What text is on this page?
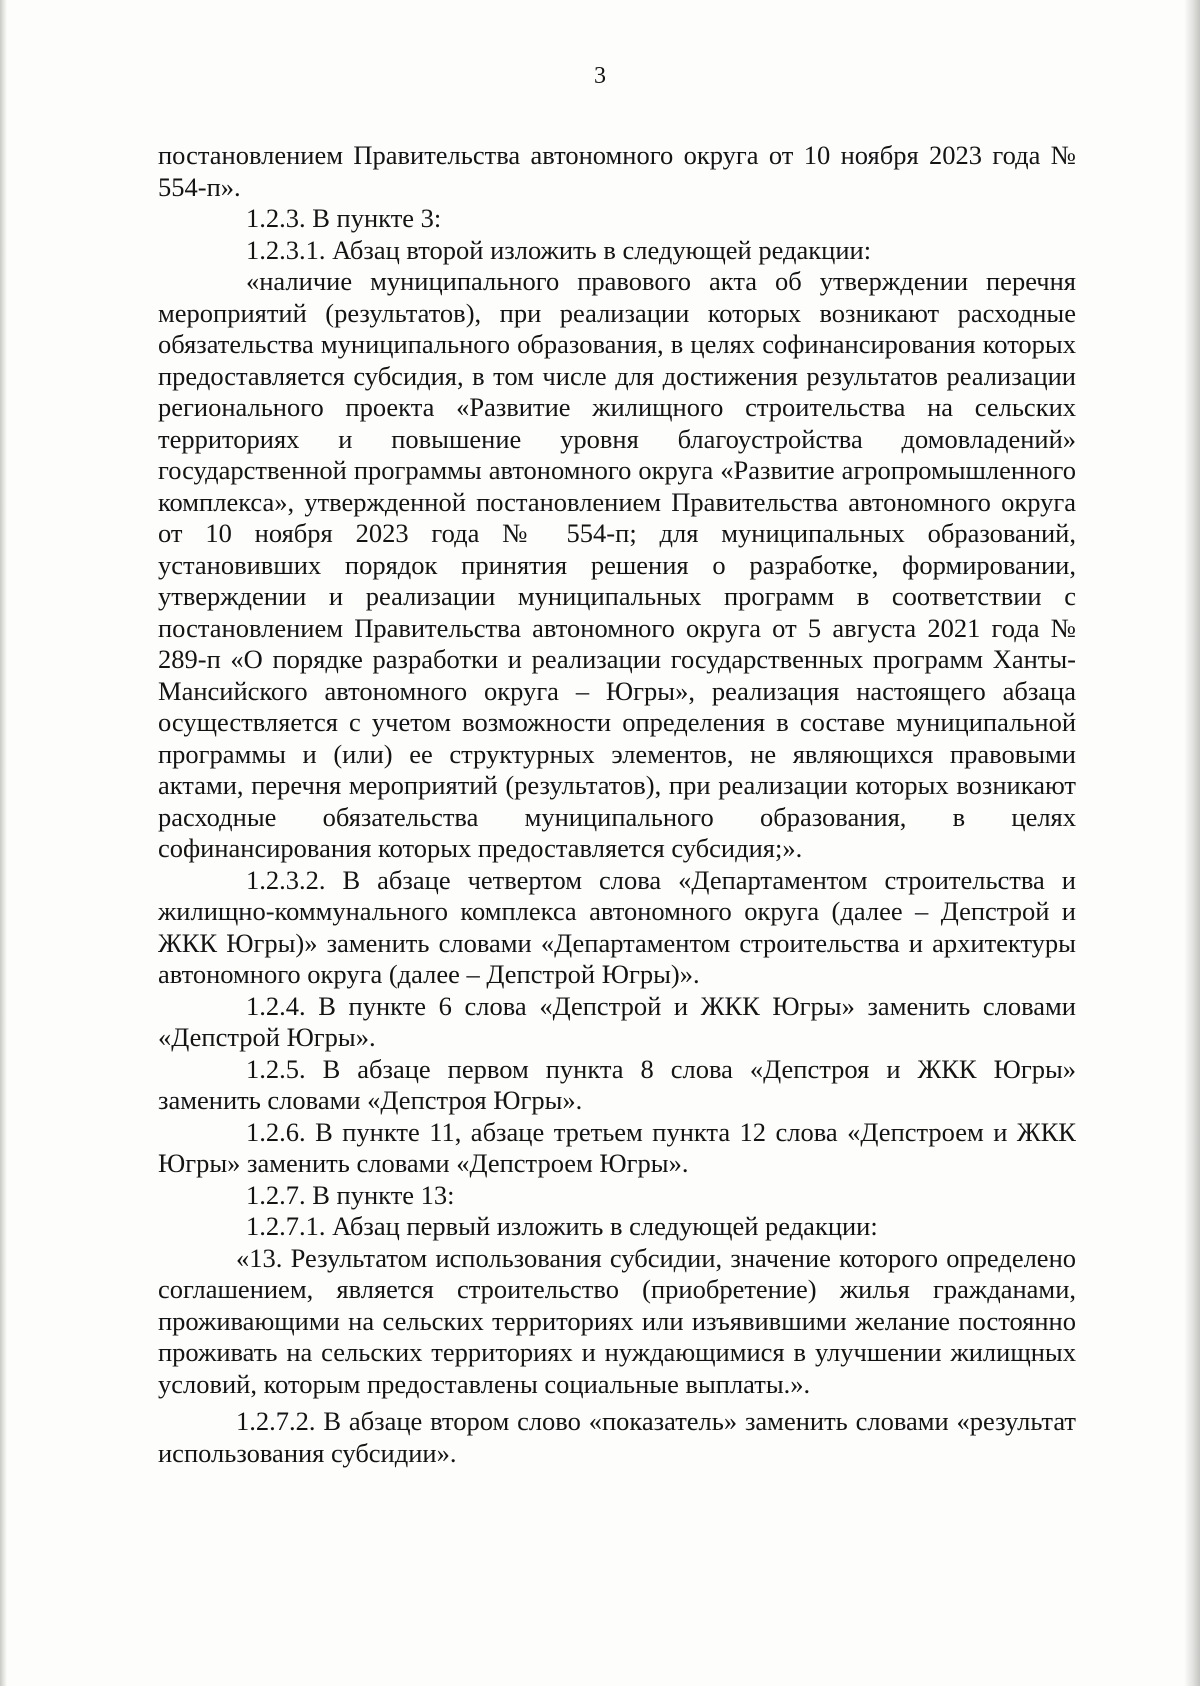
3

постановлением Правительства автономного округа от 10 ноября 2023 года № 554-п».

1.2.3. В пункте 3:

1.2.3.1. Абзац второй изложить в следующей редакции:

«наличие муниципального правового акта об утверждении перечня мероприятий (результатов), при реализации которых возникают расходные обязательства муниципального образования, в целях софинансирования которых предоставляется субсидия, в том числе для достижения результатов реализации регионального проекта «Развитие жилищного строительства на сельских территориях и повышение уровня благоустройства домовладений» государственной программы автономного округа «Развитие агропромышленного комплекса», утвержденной постановлением Правительства автономного округа от 10 ноября 2023 года № 554-п; для муниципальных образований, установивших порядок принятия решения о разработке, формировании, утверждении и реализации муниципальных программ в соответствии с постановлением Правительства автономного округа от 5 августа 2021 года № 289-п «О порядке разработки и реализации государственных программ Ханты-Мансийского автономного округа – Югры», реализация настоящего абзаца осуществляется с учетом возможности определения в составе муниципальной программы и (или) ее структурных элементов, не являющихся правовыми актами, перечня мероприятий (результатов), при реализации которых возникают расходные обязательства муниципального образования, в целях софинансирования которых предоставляется субсидия;».

1.2.3.2. В абзаце четвертом слова «Департаментом строительства и жилищно-коммунального комплекса автономного округа (далее – Депстрой и ЖКК Югры)» заменить словами «Департаментом строительства и архитектуры автономного округа (далее – Депстрой Югры)».

1.2.4. В пункте 6 слова «Депстрой и ЖКК Югры» заменить словами «Депстрой Югры».

1.2.5. В абзаце первом пункта 8 слова «Депстроя и ЖКК Югры» заменить словами «Депстроя Югры».

1.2.6. В пункте 11, абзаце третьем пункта 12 слова «Депстроем и ЖКК Югры» заменить словами «Депстроем Югры».

1.2.7. В пункте 13:

1.2.7.1. Абзац первый изложить в следующей редакции:

«13. Результатом использования субсидии, значение которого определено соглашением, является строительство (приобретение) жилья гражданами, проживающими на сельских территориях или изъявившими желание постоянно проживать на сельских территориях и нуждающимися в улучшении жилищных условий, которым предоставлены социальные выплаты.».

1.2.7.2. В абзаце втором слово «показатель» заменить словами «результат использования субсидии».
